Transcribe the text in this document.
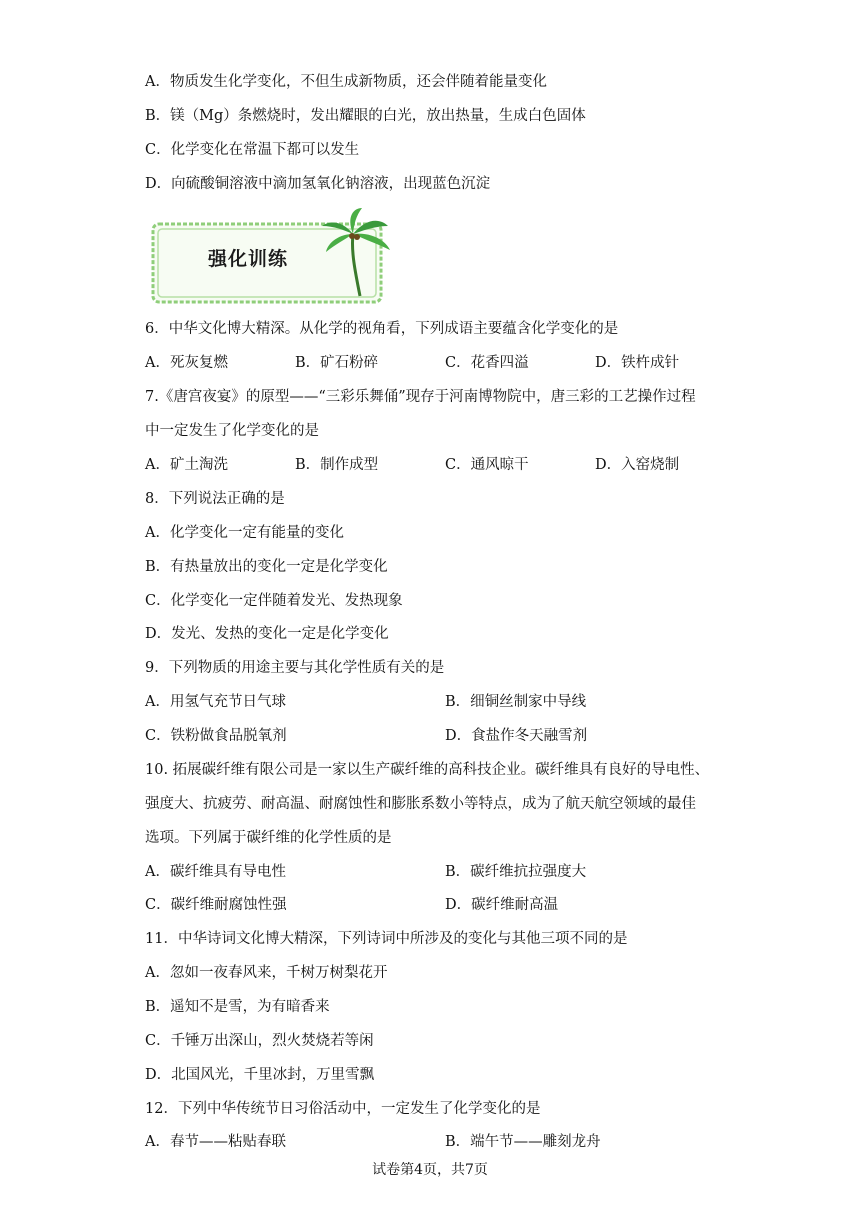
A．物质发生化学变化，不但生成新物质，还会伴随着能量变化
B．镁（Mg）条燃烧时，发出耀眼的白光，放出热量，生成白色固体
C．化学变化在常温下都可以发生
D．向硫酸铜溶液中滴加氢氧化钠溶液，出现蓝色沉淀
强化训练
6．中华文化博大精深。从化学的视角看，下列成语主要蕴含化学变化的是
A．死灰复燃	B．矿石粉碎	C．花香四溢	D．铁杵成针
7.《唐宫夜宴》的原型——“三彩乐舞俑”现存于河南博物院中，唐三彩的工艺操作过程
中一定发生了化学变化的是
A．矿土淘洗	B．制作成型	C．通风晾干	D．入窑烧制
8．下列说法正确的是
A．化学变化一定有能量的变化
B．有热量放出的变化一定是化学变化
C．化学变化一定伴随着发光、发热现象
D．发光、发热的变化一定是化学变化
9．下列物质的用途主要与其化学性质有关的是
A．用氢气充节日气球	B．细铜丝制家中导线
C．铁粉做食品脱氧剂	D．食盐作冬天融雪剂
10. 拓展碳纤维有限公司是一家以生产碳纤维的高科技企业。碳纤维具有良好的导电性、
强度大、抗疲劳、耐高温、耐腐蚀性和膨胀系数小等特点，成为了航天航空领域的最佳
选项。下列属于碳纤维的化学性质的是
A．碳纤维具有导电性	B．碳纤维抗拉强度大
C．碳纤维耐腐蚀性强	D．碳纤维耐高温
11．中华诗词文化博大精深，下列诗词中所涉及的变化与其他三项不同的是
A．忽如一夜春风来，千树万树梨花开
B．遥知不是雪，为有暗香来
C．千锤万出深山，烈火焚烧若等闲
D．北国风光，千里冰封，万里雪飘
12．下列中华传统节日习俗活动中，一定发生了化学变化的是
A．春节——粘贴春联	B．端午节——雕刻龙舟
试卷第4页，共7页
